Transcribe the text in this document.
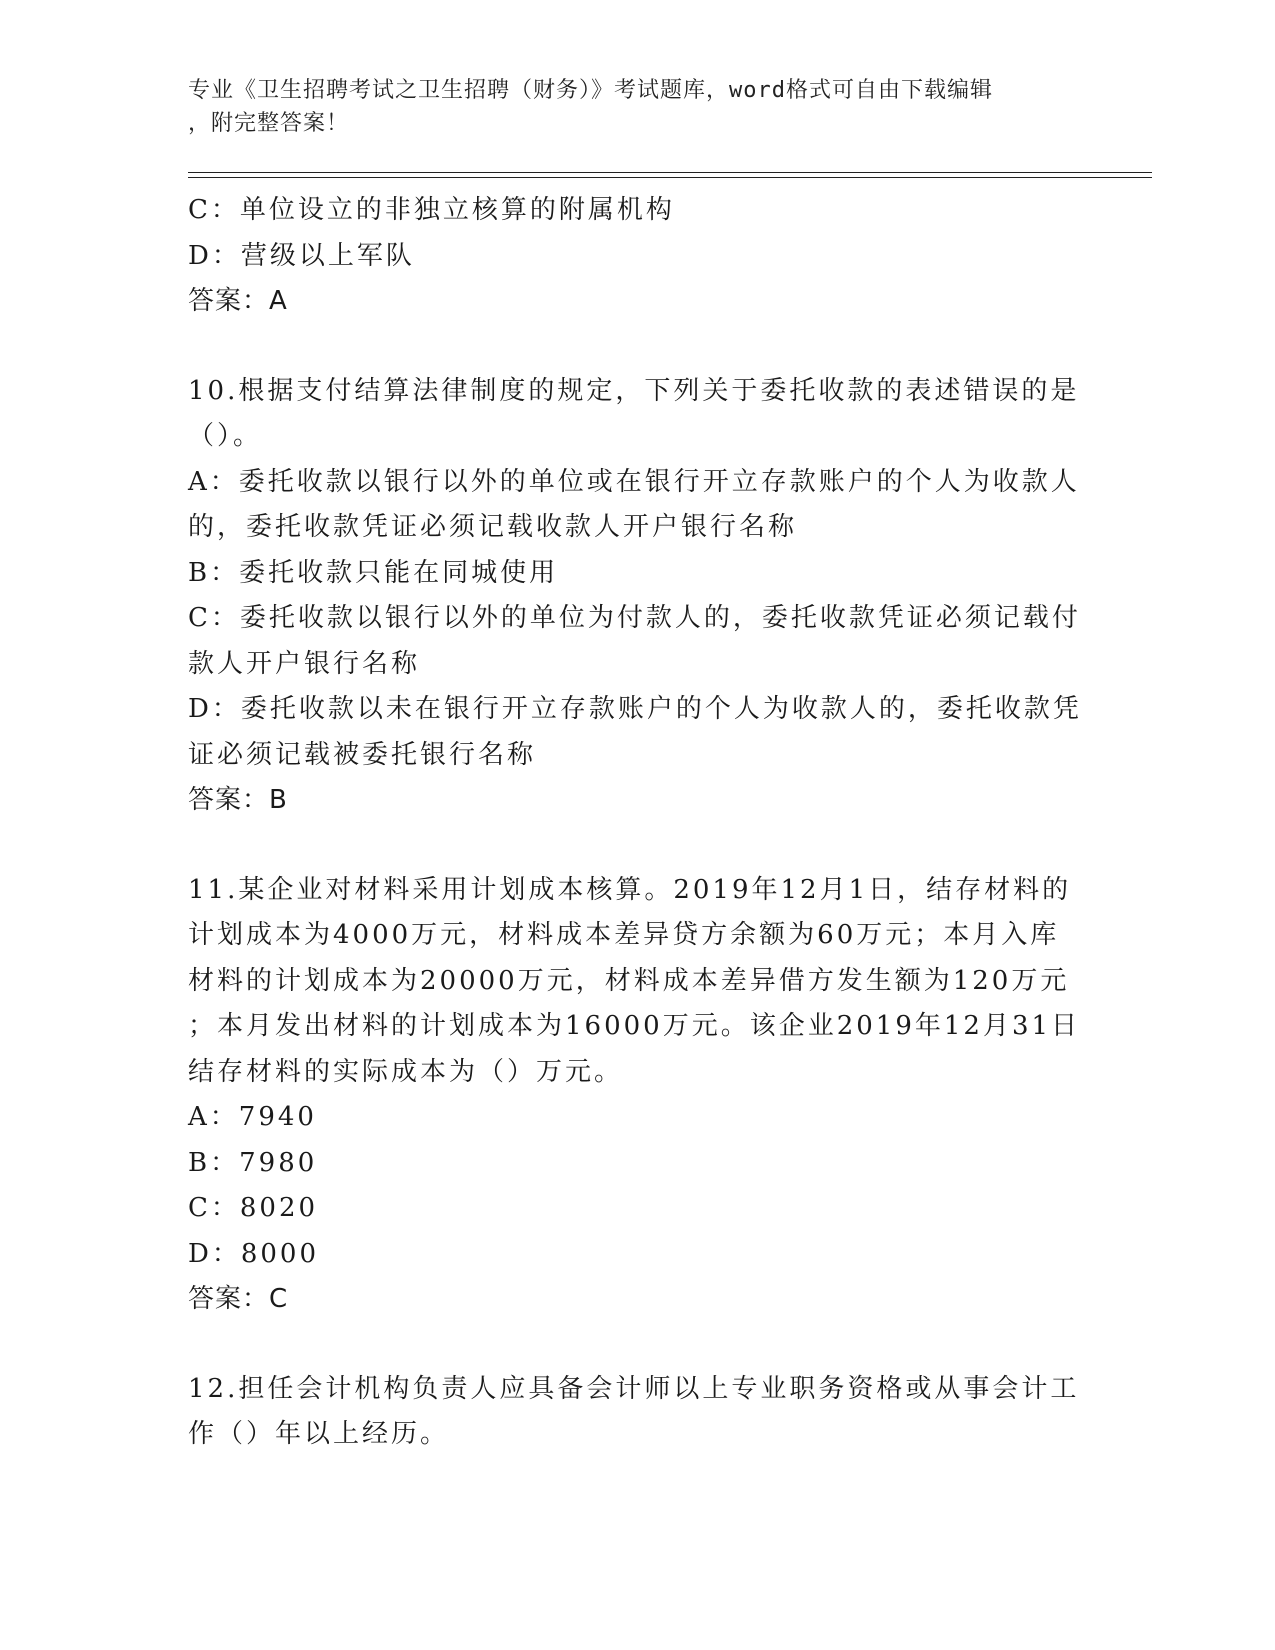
专业《卫生招聘考试之卫生招聘（财务）》考试题库，word格式可自由下载编辑
，附完整答案！
C：单位设立的非独立核算的附属机构
D：营级以上军队
答案：A
10.根据支付结算法律制度的规定，下列关于委托收款的表述错误的是
（）。
A：委托收款以银行以外的单位或在银行开立存款账户的个人为收款人
的，委托收款凭证必须记载收款人开户银行名称
B：委托收款只能在同城使用
C：委托收款以银行以外的单位为付款人的，委托收款凭证必须记载付
款人开户银行名称
D：委托收款以未在银行开立存款账户的个人为收款人的，委托收款凭
证必须记载被委托银行名称
答案：B
11.某企业对材料采用计划成本核算。2019年12月1日，结存材料的
计划成本为4000万元，材料成本差异贷方余额为60万元；本月入库
材料的计划成本为20000万元，材料成本差异借方发生额为120万元
；本月发出材料的计划成本为16000万元。该企业2019年12月31日
结存材料的实际成本为（）万元。
A：7940
B：7980
C：8020
D：8000
答案：C
12.担任会计机构负责人应具备会计师以上专业职务资格或从事会计工
作（）年以上经历。
